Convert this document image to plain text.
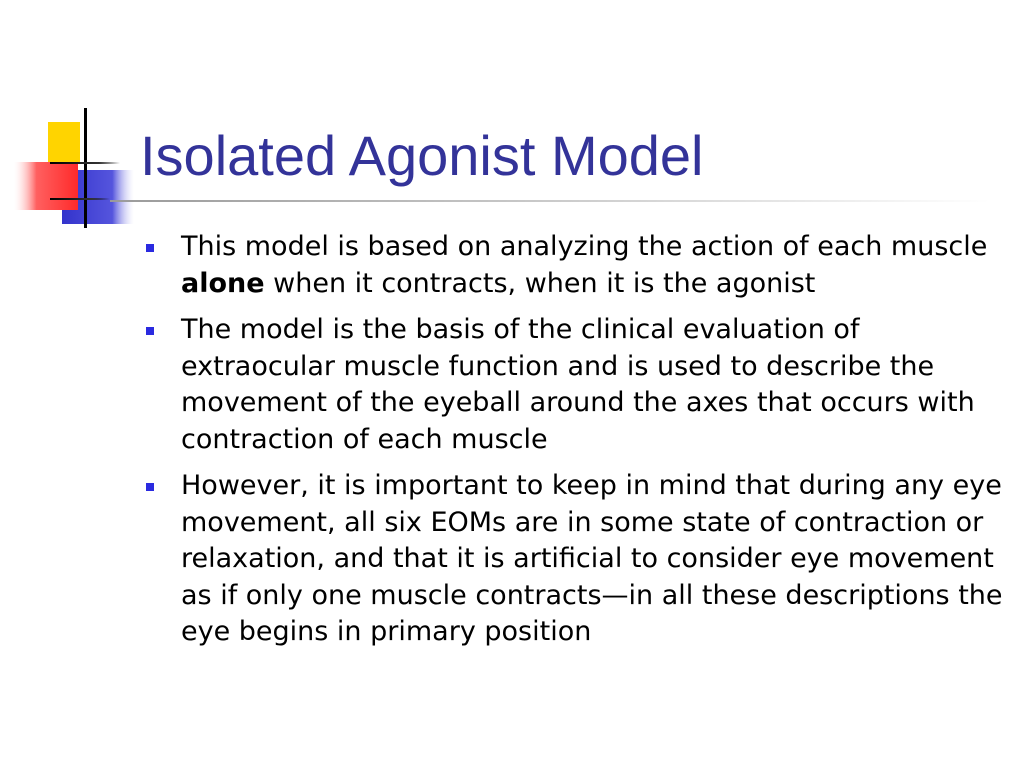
Isolated Agonist Model
This model is based on analyzing the action of each muscle alone when it contracts, when it is the agonist
The model is the basis of the clinical evaluation of extraocular muscle function and is used to describe the movement of the eyeball around the axes that occurs with contraction of each muscle
However, it is important to keep in mind that during any eye movement, all six EOMs are in some state of contraction or relaxation, and that it is artificial to consider eye movement as if only one muscle contracts—in all these descriptions the eye begins in primary position
